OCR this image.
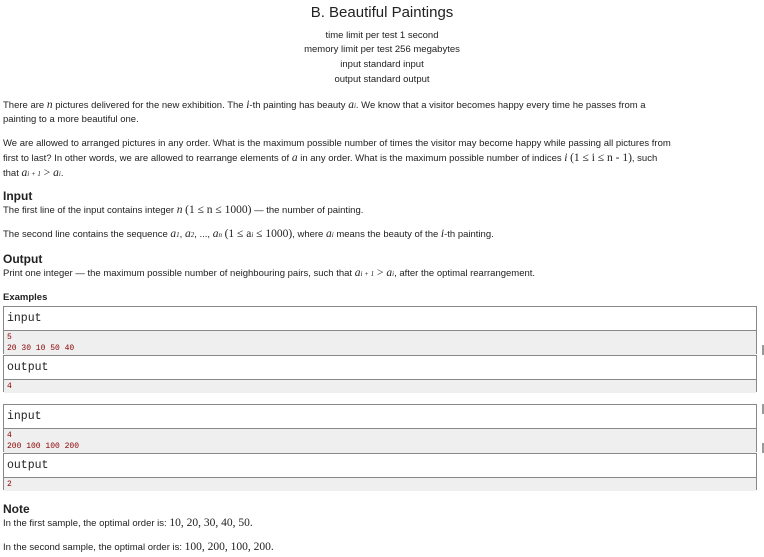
B. Beautiful Paintings
time limit per test 1 second
memory limit per test 256 megabytes
input standard input
output standard output
There are n pictures delivered for the new exhibition. The i-th painting has beauty ai. We know that a visitor becomes happy every time he passes from a
painting to a more beautiful one.
We are allowed to arranged pictures in any order. What is the maximum possible number of times the visitor may become happy while passing all pictures from
first to last? In other words, we are allowed to rearrange elements of a in any order. What is the maximum possible number of indices i (1 ≤ i ≤ n - 1), such
that ai + 1 > ai.
Input
The first line of the input contains integer n (1 ≤ n ≤ 1000) — the number of painting.
The second line contains the sequence a1, a2, ..., an (1 ≤ ai ≤ 1000), where ai means the beauty of the i-th painting.
Output
Print one integer — the maximum possible number of neighbouring pairs, such that ai + 1 > ai, after the optimal rearrangement.
Examples
input
5
20 30 10 50 40
output
4
input
4
200 100 100 200
output
2
Note
In the first sample, the optimal order is: 10, 20, 30, 40, 50.
In the second sample, the optimal order is: 100, 200, 100, 200.
